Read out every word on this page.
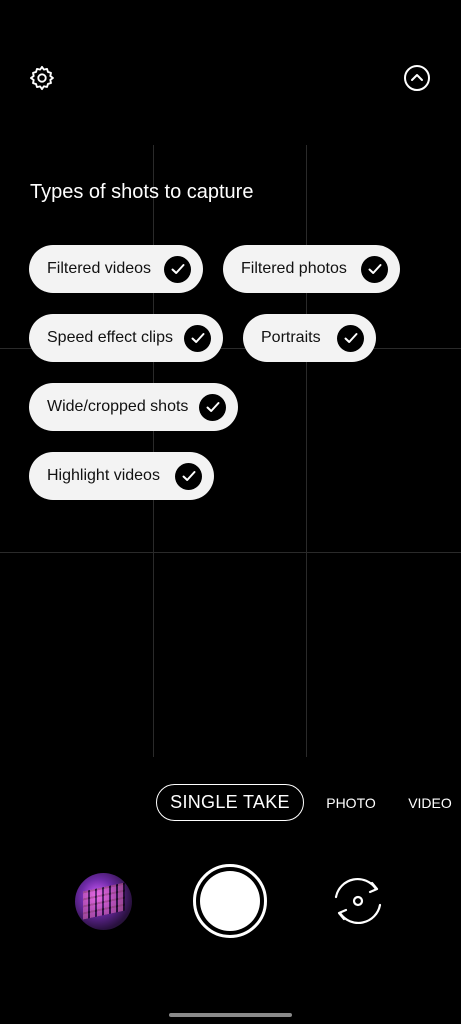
Types of shots to capture
Filtered videos	Filtered photos
Speed effect clips	Portraits
Wide/cropped shots
Highlight videos
SINGLE TAKE	PHOTO	VIDEO
